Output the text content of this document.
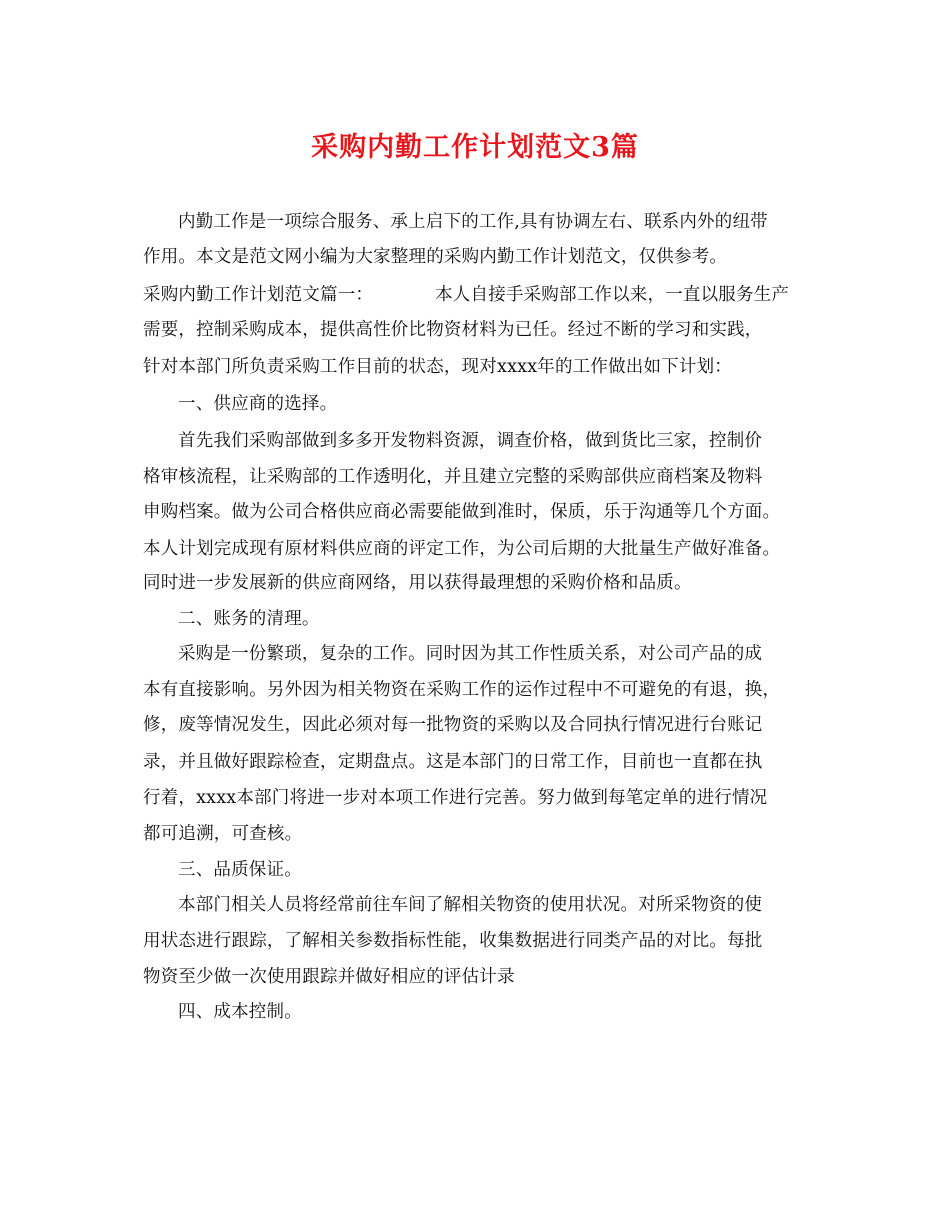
采购内勤工作计划范文3篇
内勤工作是一项综合服务、承上启下的工作,具有协调左右、联系内外的纽带
作用。本文是范文网小编为大家整理的采购内勤工作计划范文，仅供参考。
采购内勤工作计划范文篇一：	本人自接手采购部工作以来，一直以服务生产
需要，控制采购成本，提供高性价比物资材料为已任。经过不断的学习和实践，
针对本部门所负责采购工作目前的状态，现对xxxx年的工作做出如下计划：
一、供应商的选择。
首先我们采购部做到多多开发物料资源，调查价格，做到货比三家，控制价
格审核流程，让采购部的工作透明化，并且建立完整的采购部供应商档案及物料
申购档案。做为公司合格供应商必需要能做到准时，保质，乐于沟通等几个方面。
本人计划完成现有原材料供应商的评定工作，为公司后期的大批量生产做好准备。
同时进一步发展新的供应商网络，用以获得最理想的采购价格和品质。
二、账务的清理。
采购是一份繁琐，复杂的工作。同时因为其工作性质关系，对公司产品的成
本有直接影响。另外因为相关物资在采购工作的运作过程中不可避免的有退，换，
修，废等情况发生，因此必须对每一批物资的采购以及合同执行情况进行台账记
录，并且做好跟踪检查，定期盘点。这是本部门的日常工作，目前也一直都在执
行着，xxxx本部门将进一步对本项工作进行完善。努力做到每笔定单的进行情况
都可追溯，可查核。
三、品质保证。
本部门相关人员将经常前往车间了解相关物资的使用状况。对所采物资的使
用状态进行跟踪，了解相关参数指标性能，收集数据进行同类产品的对比。每批
物资至少做一次使用跟踪并做好相应的评估计录
四、成本控制。
